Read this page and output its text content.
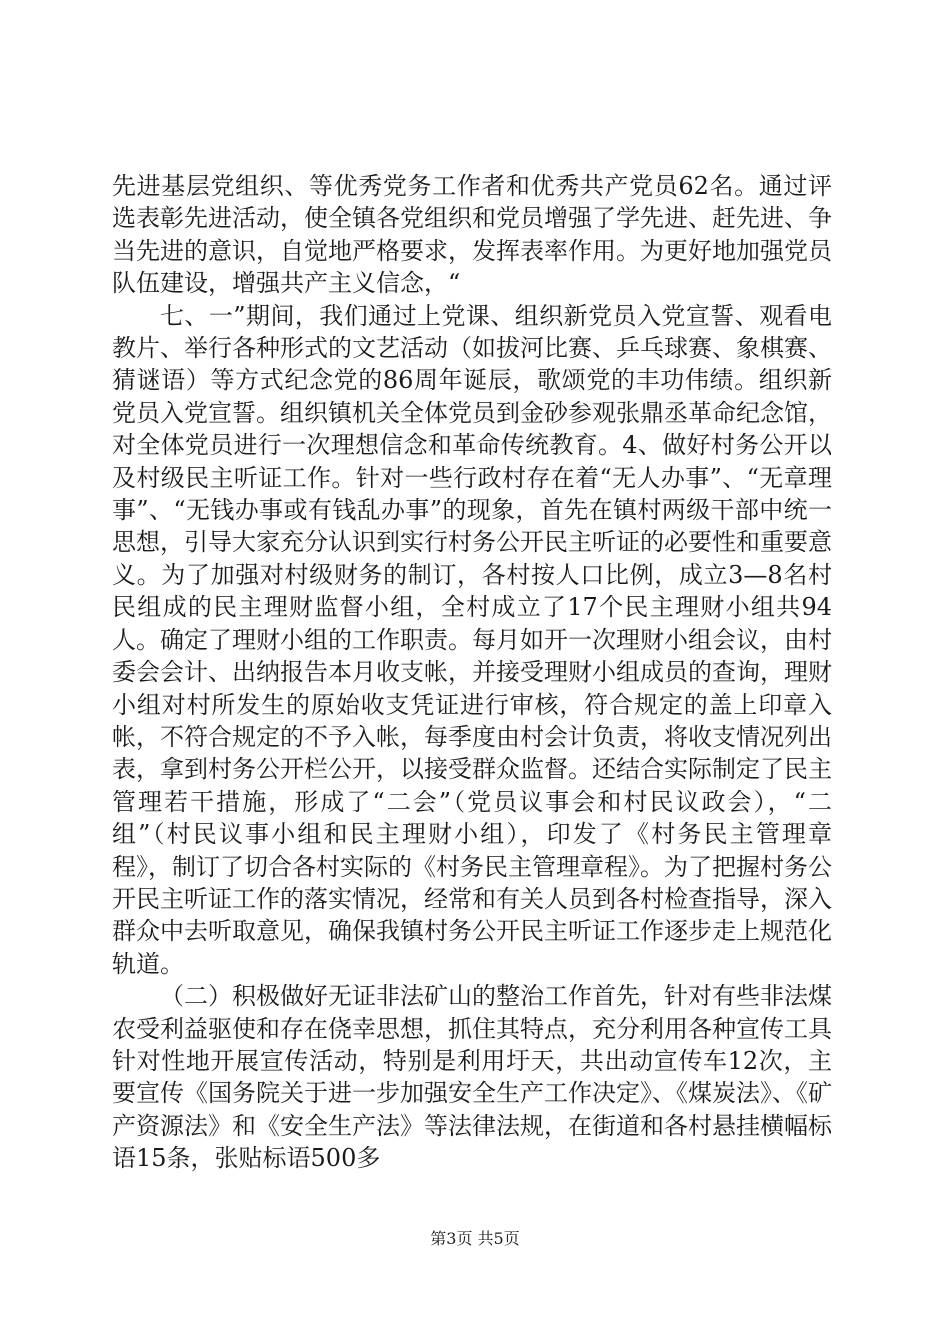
先进基层党组织、等优秀党务工作者和优秀共产党员62名。通过评选表彰先进活动，使全镇各党组织和党员增强了学先进、赶先进、争当先进的意识，自觉地严格要求，发挥表率作用。为更好地加强党员队伍建设，增强共产主义信念，“

七、一”期间，我们通过上党课、组织新党员入党宣誓、观看电教片、举行各种形式的文艺活动（如拔河比赛、乒乓球赛、象棋赛、猜谜语）等方式纪念党的86周年诞辰，歌颂党的丰功伟绩。组织新党员入党宣誓。组织镇机关全体党员到金砂参观张鼎丞革命纪念馆，对全体党员进行一次理想信念和革命传统教育。4、做好村务公开以及村级民主听证工作。针对一些行政村存在着“无人办事”、“无章理事”、“无钱办事或有钱乱办事”的现象，首先在镇村两级干部中统一思想，引导大家充分认识到实行村务公开民主听证的必要性和重要意义。为了加强对村级财务的制订，各村按人口比例，成立3—8名村民组成的民主理财监督小组，全村成立了17个民主理财小组共94人。确定了理财小组的工作职责。每月如开一次理财小组会议，由村委会会计、出纳报告本月收支帐，并接受理财小组成员的查询，理财小组对村所发生的原始收支凭证进行审核，符合规定的盖上印章入帐，不符合规定的不予入帐，每季度由村会计负责，将收支情况列出表，拿到村务公开栏公开，以接受群众监督。还结合实际制定了民主管理若干措施，形成了“二会”（党员议事会和村民议政会），“二组”（村民议事小组和民主理财小组），印发了《村务民主管理章程》，制订了切合各村实际的《村务民主管理章程》。为了把握村务公开民主听证工作的落实情况，经常和有关人员到各村检查指导，深入群众中去听取意见，确保我镇村务公开民主听证工作逐步走上规范化轨道。

（二）积极做好无证非法矿山的整治工作首先，针对有些非法煤农受利益驱使和存在侥幸思想，抓住其特点，充分利用各种宣传工具针对性地开展宣传活动，特别是利用圩天，共出动宣传车12次，主要宣传《国务院关于进一步加强安全生产工作决定》、《煤炭法》、《矿产资源法》和《安全生产法》等法律法规，在街道和各村悬挂横幅标语15条，张贴标语500多

第3页 共5页
